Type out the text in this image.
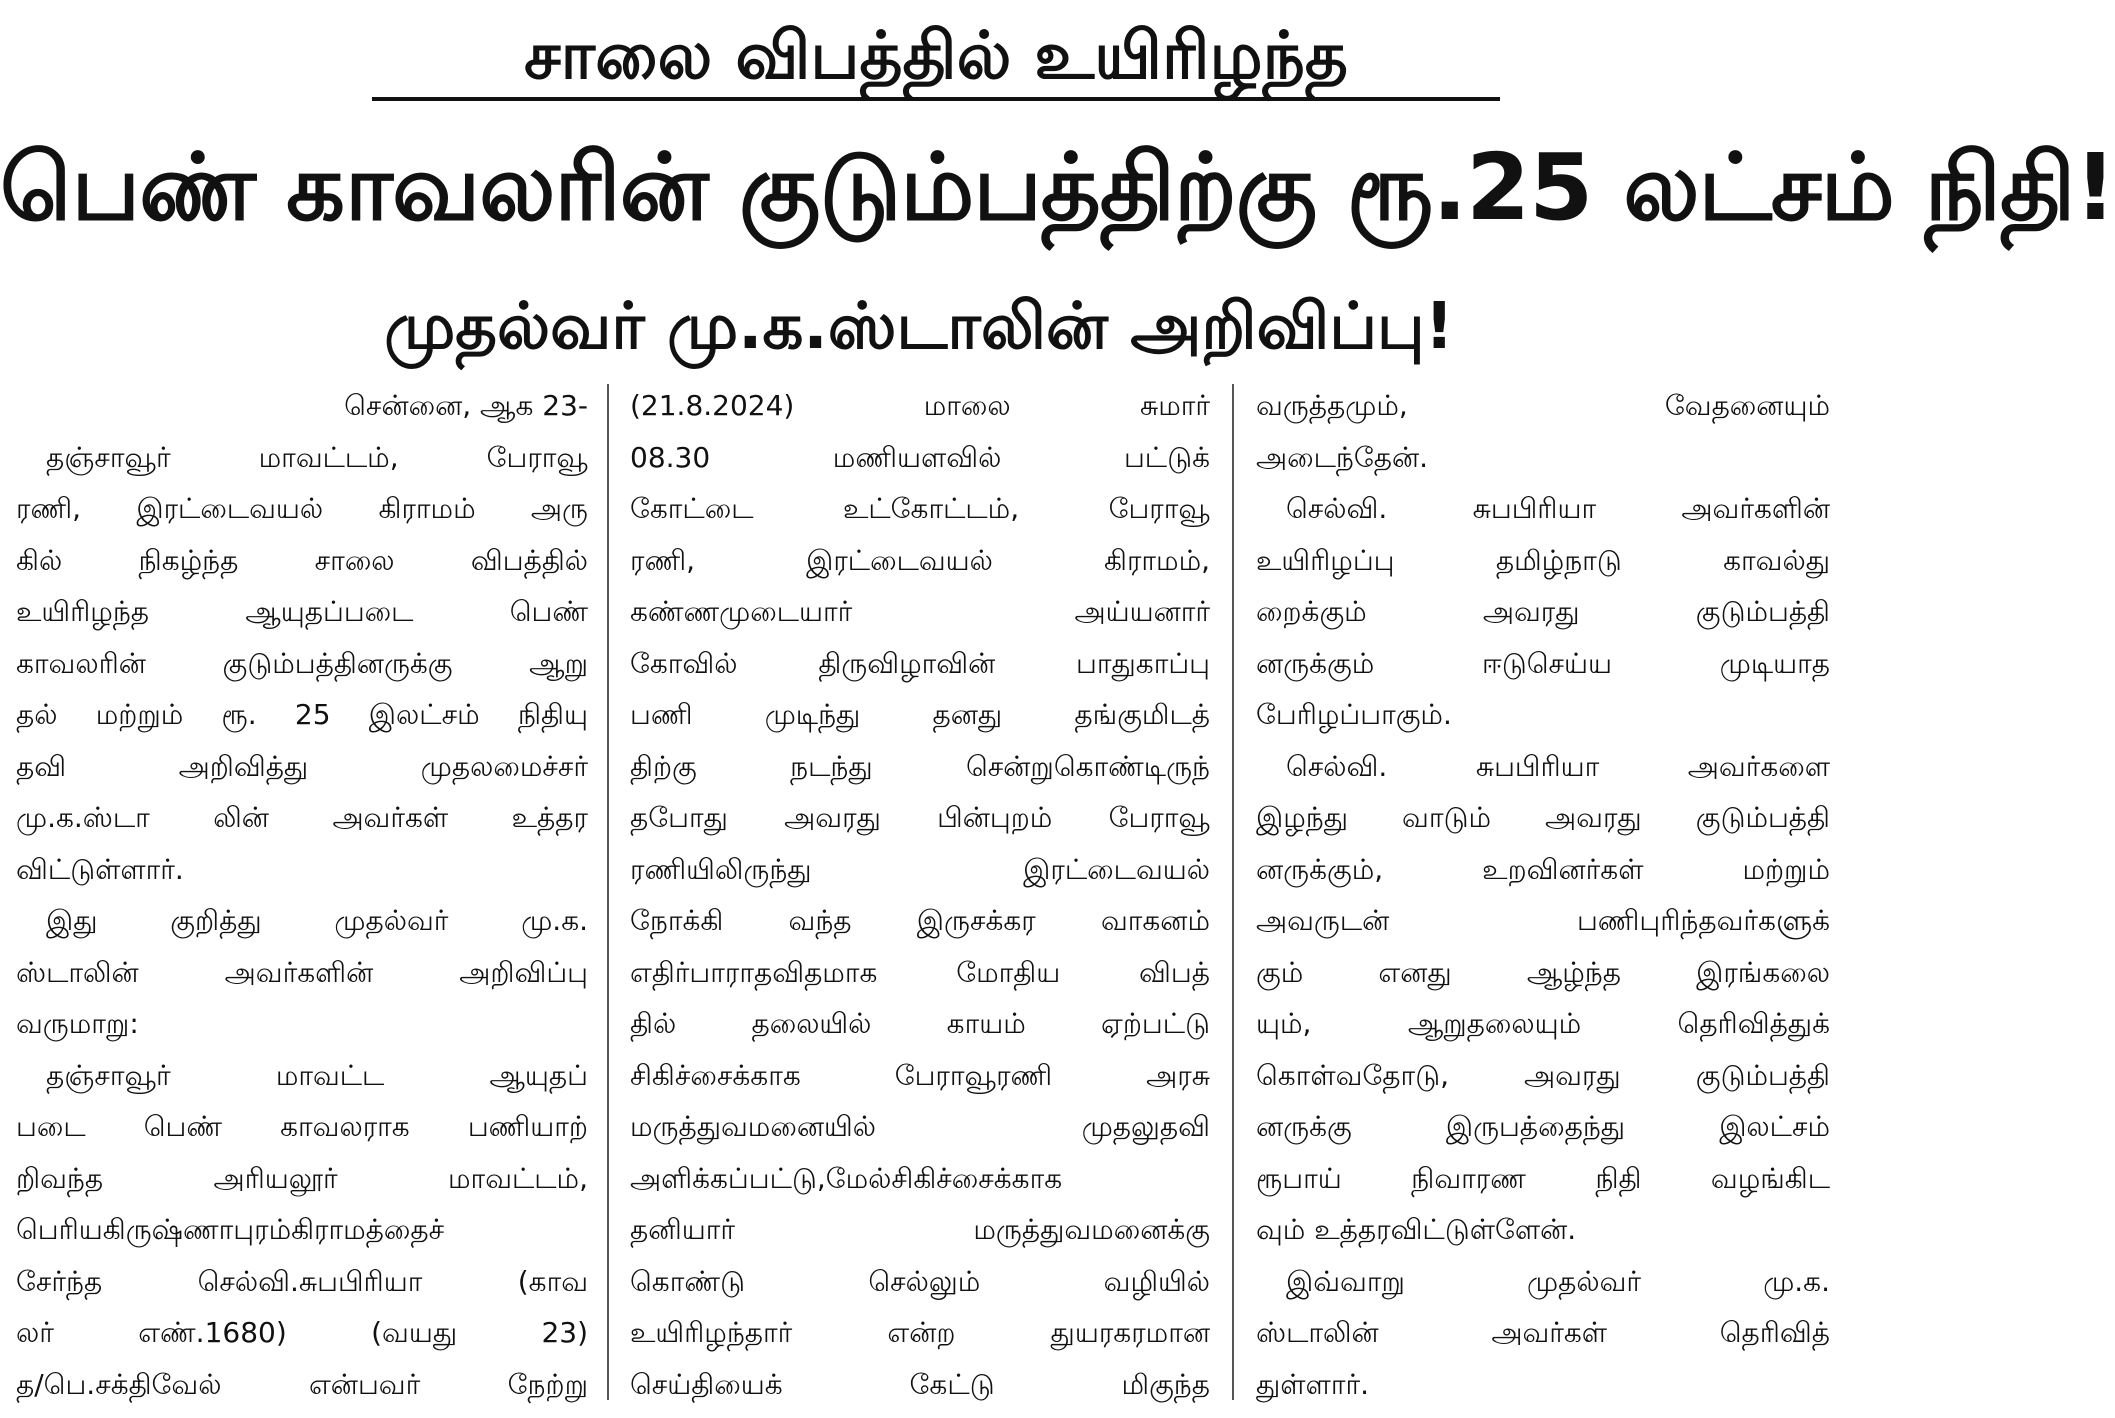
சாலை விபத்தில் உயிரிழந்த
பெண் காவலரின் குடும்பத்திற்கு ரூ.25 லட்சம் நிதி!
முதல்வர் மு.க.ஸ்டாலின் அறிவிப்பு!
சென்னை, ஆக 23-
தஞ்சாவூர் மாவட்டம், பேராவூ
ரணி, இரட்டைவயல் கிராமம் அரு
கில் நிகழ்ந்த சாலை விபத்தில்
உயிரிழந்த ஆயுதப்படை பெண்
காவலரின் குடும்பத்தினருக்கு ஆறு
தல் மற்றும் ரூ. 25 இலட்சம் நிதியு
தவி அறிவித்து முதலமைச்சர்
மு.க.ஸ்டா லின் அவர்கள் உத்தர
விட்டுள்ளார்.
இது குறித்து முதல்வர் மு.க.
ஸ்டாலின் அவர்களின் அறிவிப்பு
வருமாறு:
தஞ்சாவூர் மாவட்ட ஆயுதப்
படை பெண் காவலராக பணியாற்
றிவந்த அரியலூர் மாவட்டம்,
பெரியகிருஷ்ணாபுரம்கிராமத்தைச்
சேர்ந்த செல்வி.சுபபிரியா (காவ
லர் எண்.1680) (வயது 23)
த/பெ.சக்திவேல் என்பவர் நேற்று
(21.8.2024) மாலை சுமார்
08.30 மணியளவில் பட்டுக்
கோட்டை உட்கோட்டம், பேராவூ
ரணி, இரட்டைவயல் கிராமம்,
கண்ணமுடையார் அய்யனார்
கோவில் திருவிழாவின் பாதுகாப்பு
பணி முடிந்து தனது தங்குமிடத்
திற்கு நடந்து சென்றுகொண்டிருந்
தபோது அவரது பின்புறம் பேராவூ
ரணியிலிருந்து இரட்டைவயல்
நோக்கி வந்த இருசக்கர வாகனம்
எதிர்பாராதவிதமாக மோதிய விபத்
தில் தலையில் காயம் ஏற்பட்டு
சிகிச்சைக்காக பேராவூரணி அரசு
மருத்துவமனையில் முதலுதவி
அளிக்கப்பட்டு,மேல்சிகிச்சைக்காக
தனியார் மருத்துவமனைக்கு
கொண்டு செல்லும் வழியில்
உயிரிழந்தார் என்ற துயரகரமான
செய்தியைக் கேட்டு மிகுந்த
வருத்தமும், வேதனையும்
அடைந்தேன்.
செல்வி. சுபபிரியா அவர்களின்
உயிரிழப்பு தமிழ்நாடு காவல்து
றைக்கும் அவரது குடும்பத்தி
னருக்கும் ஈடுசெய்ய முடியாத
பேரிழப்பாகும்.
செல்வி. சுபபிரியா அவர்களை
இழந்து வாடும் அவரது குடும்பத்தி
னருக்கும், உறவினர்கள் மற்றும்
அவருடன் பணிபுரிந்தவர்களுக்
கும் எனது ஆழ்ந்த இரங்கலை
யும், ஆறுதலையும் தெரிவித்துக்
கொள்வதோடு, அவரது குடும்பத்தி
னருக்கு இருபத்தைந்து இலட்சம்
ரூபாய் நிவாரண நிதி வழங்கிட
வும் உத்தரவிட்டுள்ளேன்.
இவ்வாறு முதல்வர் மு.க.
ஸ்டாலின் அவர்கள் தெரிவித்
துள்ளார்.
